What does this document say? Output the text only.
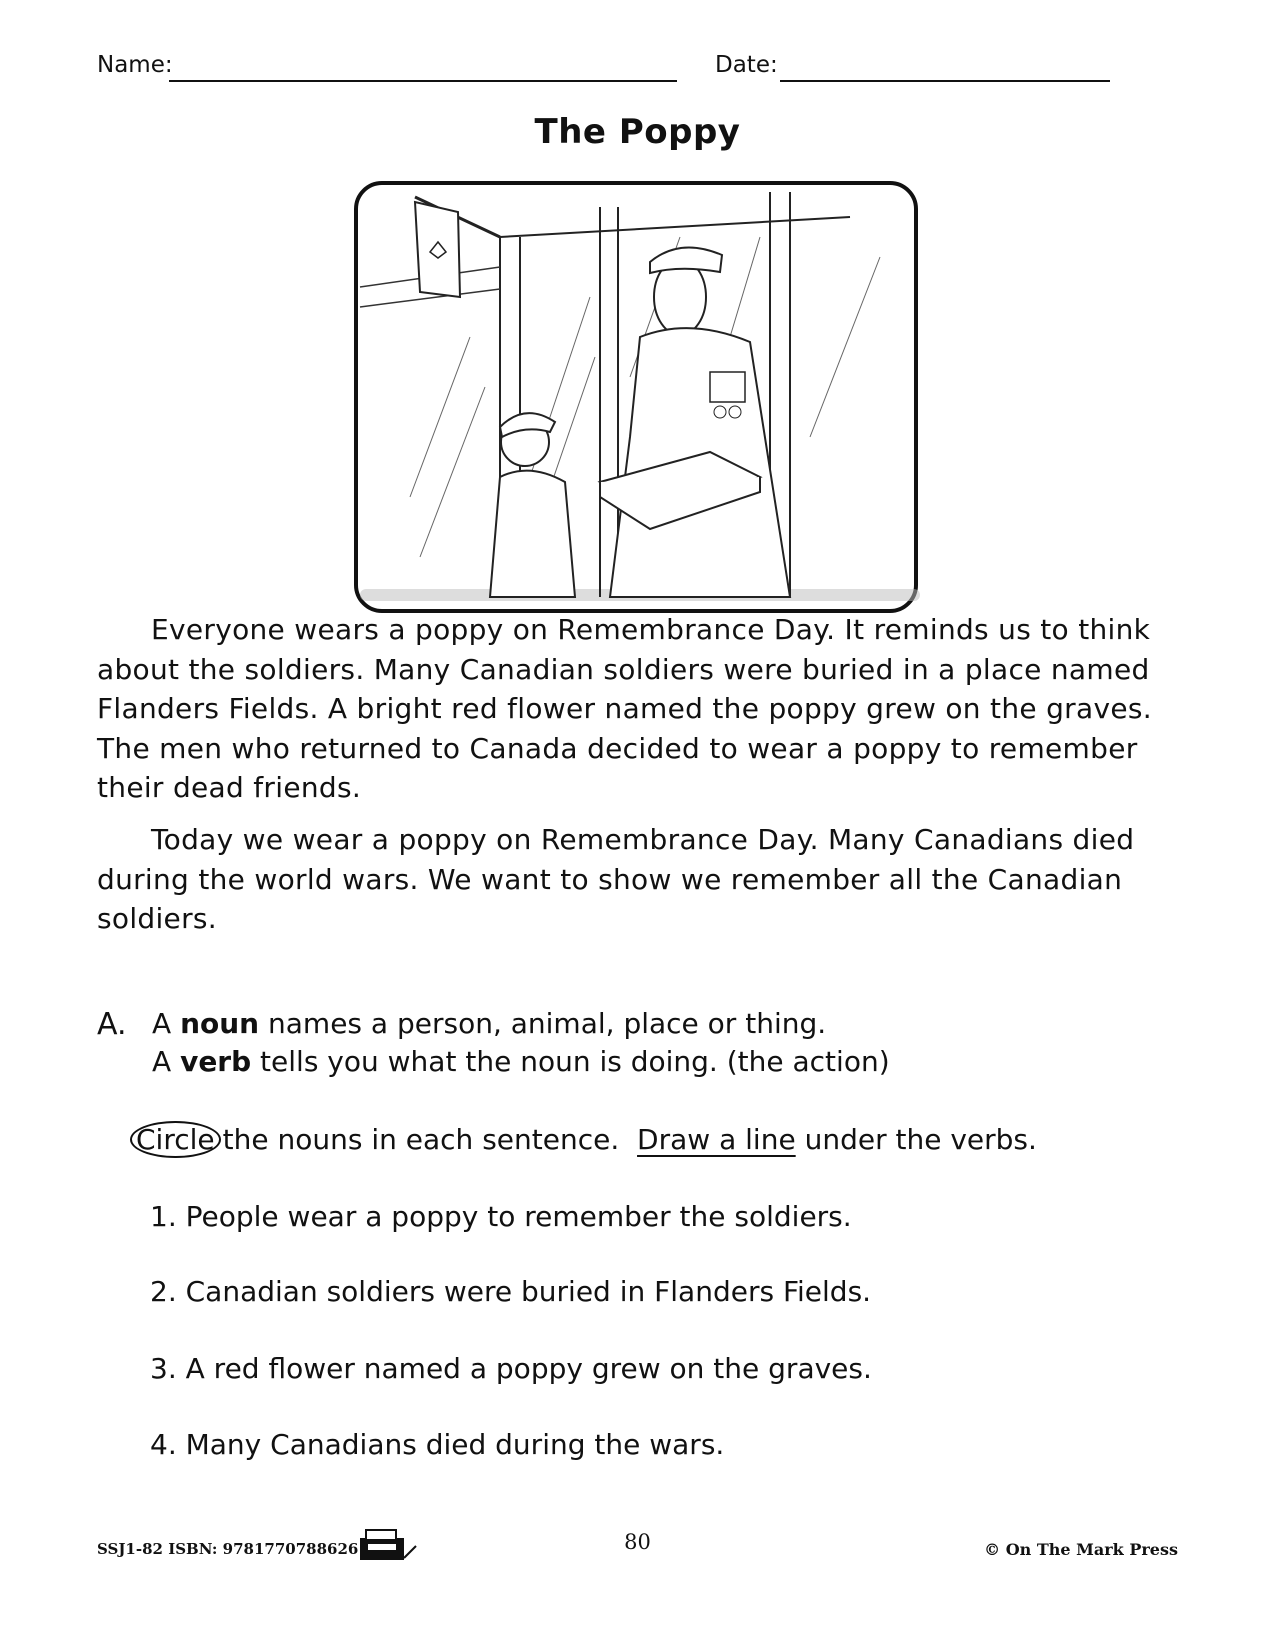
Name:	Date:
The Poppy

Everyone wears a poppy on Remembrance Day. It reminds us to think about the soldiers. Many Canadian soldiers were buried in a place named Flanders Fields. A bright red flower named the poppy grew on the graves. The men who returned to Canada decided to wear a poppy to remember their dead friends.

Today we wear a poppy on Remembrance Day. Many Canadians died during the world wars. We want to show we remember all the Canadian soldiers.

A. A noun names a person, animal, place or thing.
A verb tells you what the noun is doing. (the action)
Circle the nouns in each sentence. Draw a line under the verbs.
1. People wear a poppy to remember the soldiers.
2. Canadian soldiers were buried in Flanders Fields.
3. A red flower named a poppy grew on the graves.
4. Many Canadians died during the wars.
SSJ1-82 ISBN: 9781770788626	80	© On The Mark Press
